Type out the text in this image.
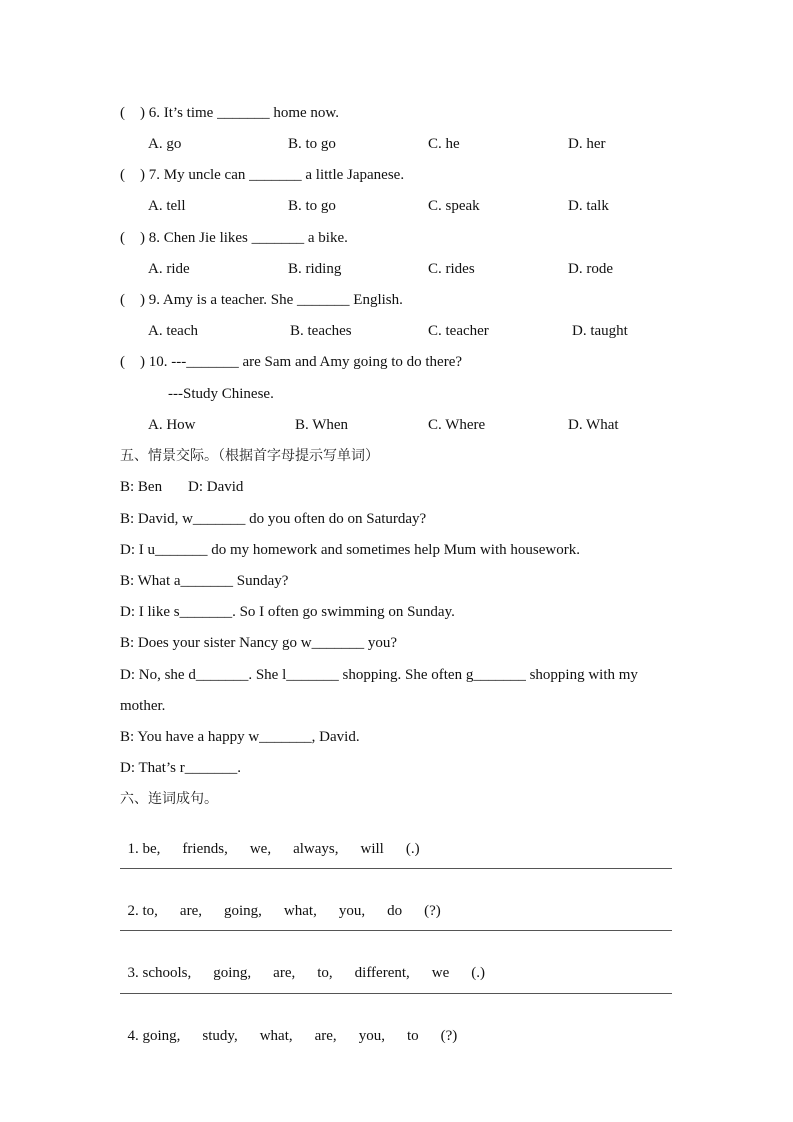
(    ) 6. It’s time _______ home now.
A. go	B. to go	C. he	D. her
(    ) 7. My uncle can _______ a little Japanese.
A. tell	B. to go	C. speak	D. talk
(    ) 8. Chen Jie likes _______ a bike.
A. ride	B. riding	C. rides	D. rode
(    ) 9. Amy is a teacher. She _______ English.
A. teach	B. teaches	C. teacher	D. taught
(    ) 10. ---_______ are Sam and Amy going to do there?
---Study Chinese.
A. How	B. When	C. Where	D. What
五、情景交际。（根据首字母提示写单词）
B: Ben D: David
B: David, w_______ do you often do on Saturday?
D: I u_______ do my homework and sometimes help Mum with housework.
B: What a_______ Sunday?
D: I like s_______. So I often go swimming on Sunday.
B: Does your sister Nancy go w_______ you?
D: No, she d_______. She l_______ shopping. She often g_______ shopping with my
mother.
B: You have a happy w_______, David.
D: That’s r_______.
六、连词成句。

1. be, friends, we, always, will (.)

2. to, are, going, what, you, do (?)

3. schools, going, are, to, different, we (.)

4. going, study, what, are, you, to (?)
